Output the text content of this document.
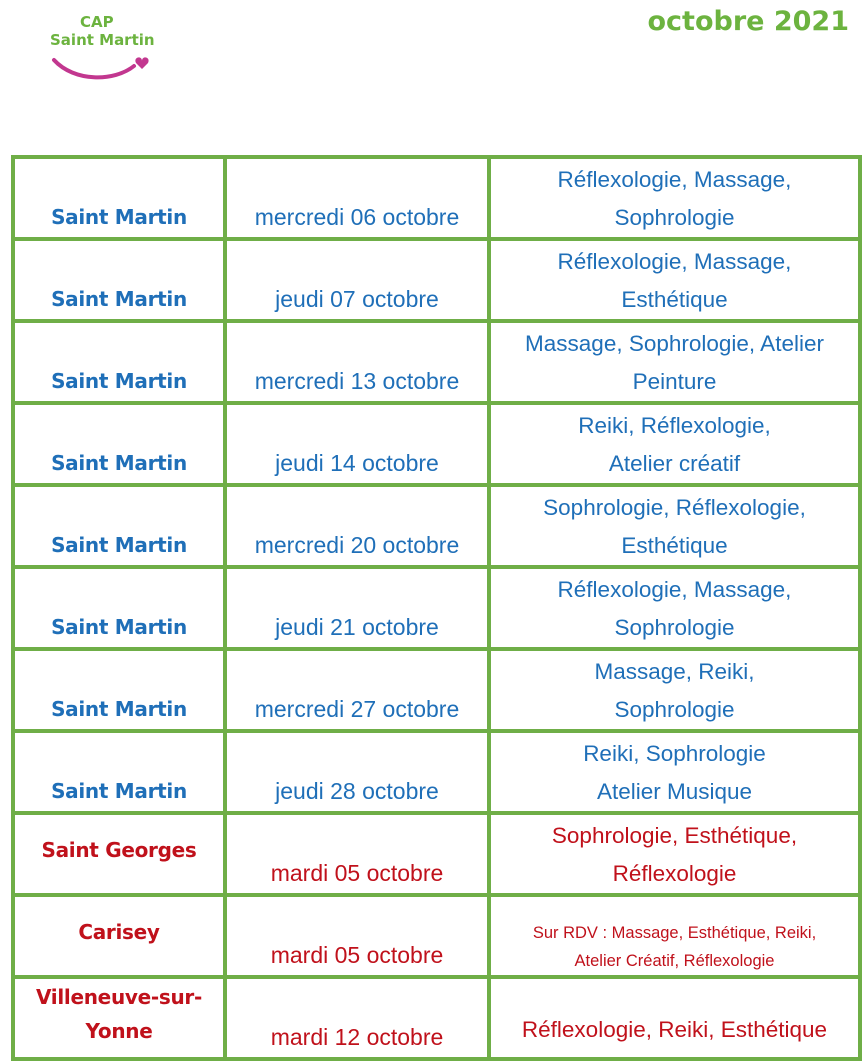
CAP
Saint Martin
octobre 2021
Saint Martin	mercredi 06 octobre	Réflexologie, Massage,
Sophrologie

Saint Martin	jeudi 07 octobre	Réflexologie, Massage,
Esthétique

Saint Martin	mercredi 13 octobre	Massage, Sophrologie, Atelier
Peinture

Saint Martin	jeudi 14 octobre	Reiki, Réflexologie,
Atelier créatif

Saint Martin	mercredi 20 octobre	Sophrologie, Réflexologie,
Esthétique

Saint Martin	jeudi 21 octobre	Réflexologie, Massage,
Sophrologie

Saint Martin	mercredi 27 octobre	Massage, Reiki,
Sophrologie

Saint Martin	jeudi 28 octobre	Reiki, Sophrologie
Atelier Musique

Saint Georges	mardi 05 octobre	Sophrologie, Esthétique,
Réflexologie

Carisey	mardi 05 octobre	Sur RDV : Massage, Esthétique, Reiki,
Atelier Créatif, Réflexologie

Villeneuve-sur-
Yonne	mardi 12 octobre	Réflexologie, Reiki, Esthétique
